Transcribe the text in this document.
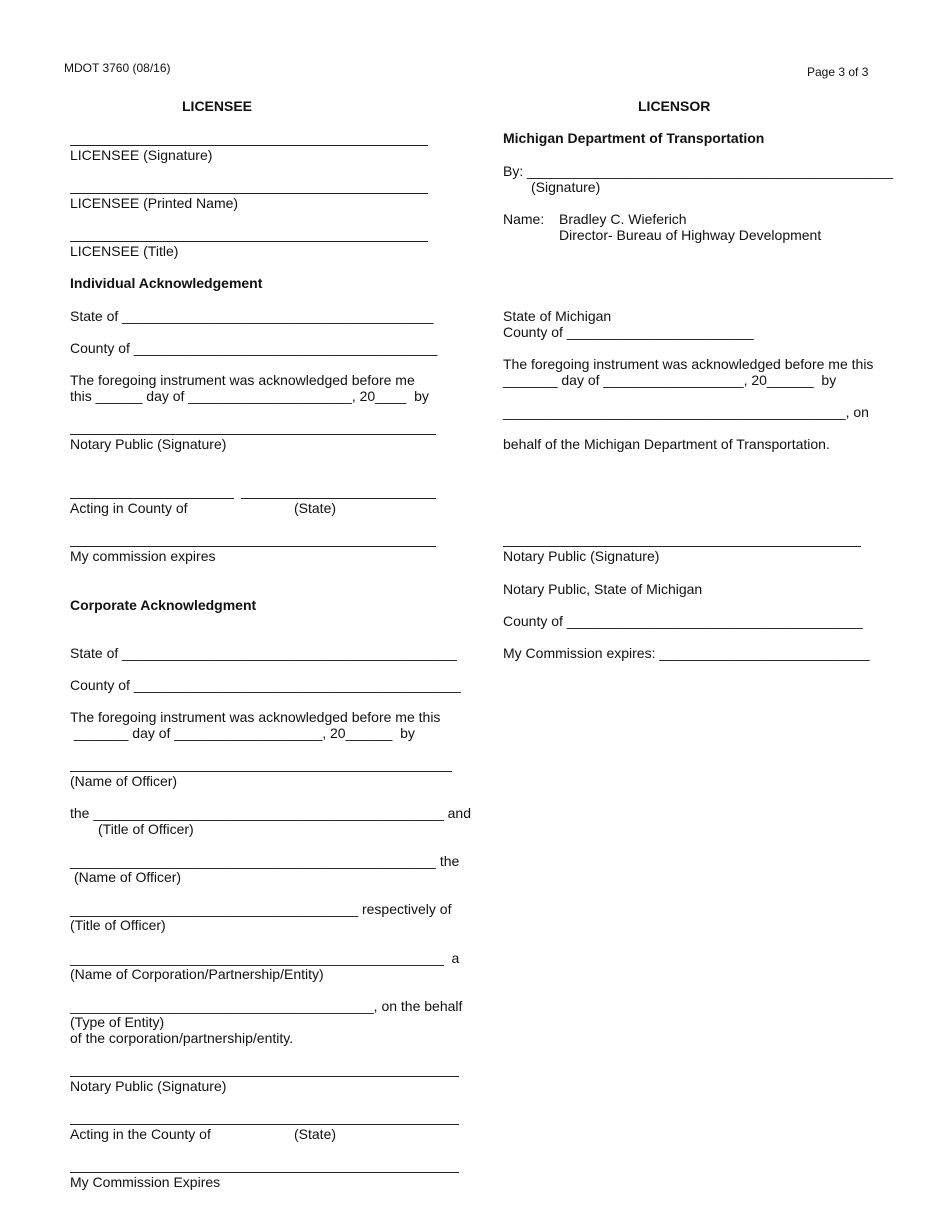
MDOT 3760 (08/16)	Page 3 of 3
LICENSEE
LICENSEE (Signature)
LICENSEE (Printed Name)
LICENSEE (Title)
Individual Acknowledgement
State of ________________________________________
County of _______________________________________
The foregoing instrument was acknowledged before me
this ______ day of _____________________, 20____  by
Notary Public (Signature)
Acting in County of	(State)
My commission expires
Corporate Acknowledgment
State of ___________________________________________
County of __________________________________________
The foregoing instrument was acknowledged before me this
_______ day of ___________________, 20______  by
(Name of Officer)
the _____________________________________________ and
(Title of Officer)
_______________________________________________ the
(Name of Officer)
_____________________________________ respectively of
(Title of Officer)
________________________________________________  a
(Name of Corporation/Partnership/Entity)
_______________________________________, on the behalf
(Type of Entity)
of the corporation/partnership/entity.
Notary Public (Signature)
Acting in the County of	(State)
My Commission Expires
LICENSOR
Michigan Department of Transportation
By: _______________________________________________
(Signature)
Name: Bradley C. Wieferich
Director- Bureau of Highway Development
State of Michigan
County of ________________________
The foregoing instrument was acknowledged before me this
_______ day of __________________, 20______  by
____________________________________________, on
behalf of the Michigan Department of Transportation.
Notary Public (Signature)
Notary Public, State of Michigan
County of ______________________________________
My Commission expires: ___________________________
